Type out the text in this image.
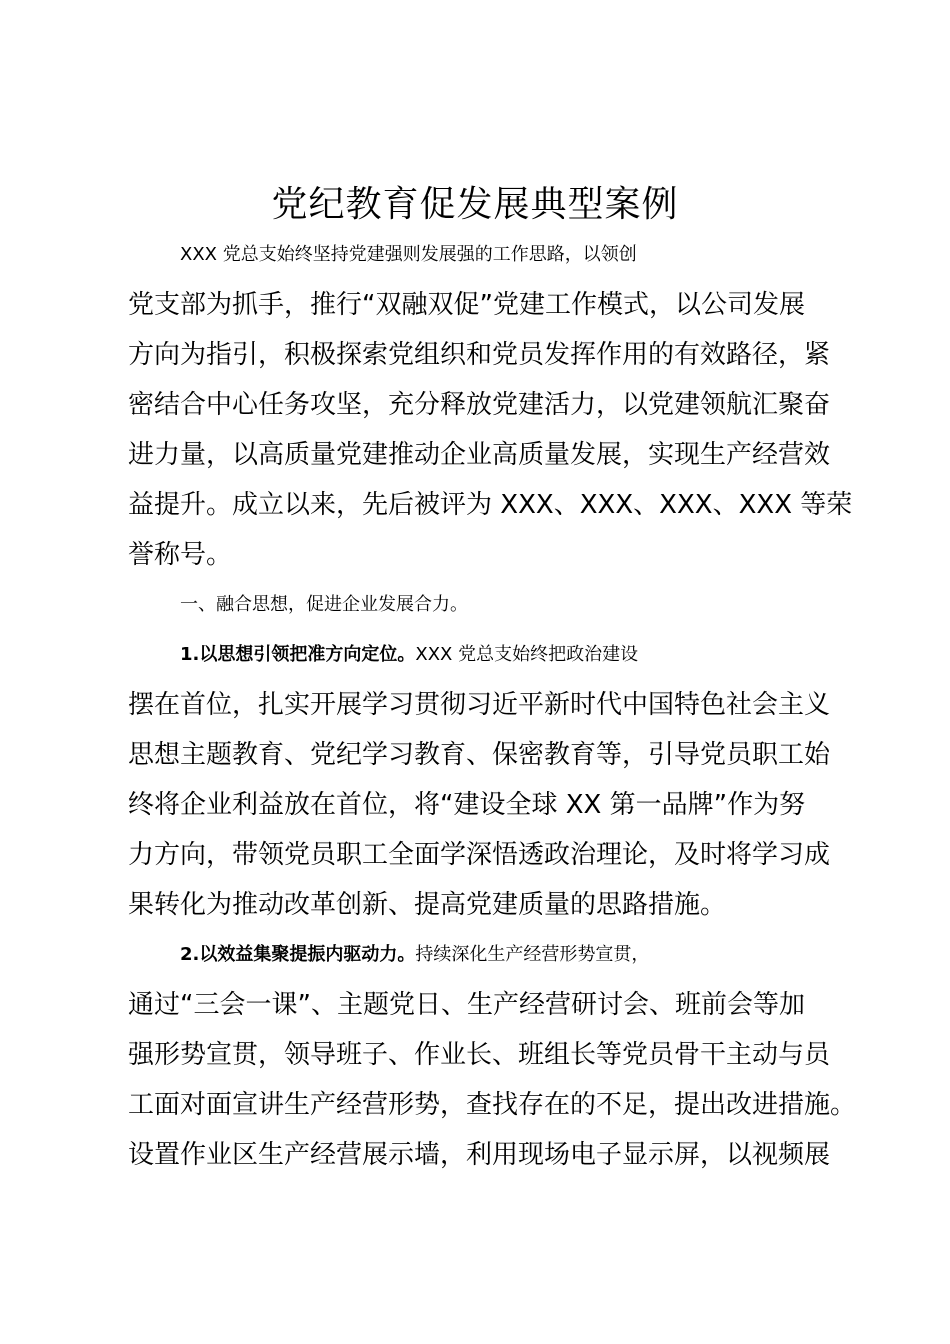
党纪教育促发展典型案例
XXX 党总支始终坚持党建强则发展强的工作思路，以领创
党支部为抓手，推行“双融双促”党建工作模式，以公司发展
方向为指引，积极探索党组织和党员发挥作用的有效路径，紧
密结合中心任务攻坚，充分释放党建活力，以党建领航汇聚奋
进力量，以高质量党建推动企业高质量发展，实现生产经营效
益提升。成立以来，先后被评为 XXX、XXX、XXX、XXX 等荣
誉称号。
一、融合思想，促进企业发展合力。
1.以思想引领把准方向定位。XXX 党总支始终把政治建设
摆在首位，扎实开展学习贯彻习近平新时代中国特色社会主义
思想主题教育、党纪学习教育、保密教育等，引导党员职工始
终将企业利益放在首位，将“建设全球 XX 第一品牌”作为努
力方向，带领党员职工全面学深悟透政治理论，及时将学习成
果转化为推动改革创新、提高党建质量的思路措施。
2.以效益集聚提振内驱动力。持续深化生产经营形势宣贯，
通过“三会一课”、主题党日、生产经营研讨会、班前会等加
强形势宣贯，领导班子、作业长、班组长等党员骨干主动与员
工面对面宣讲生产经营形势，查找存在的不足，提出改进措施。
设置作业区生产经营展示墙，利用现场电子显示屏，以视频展
